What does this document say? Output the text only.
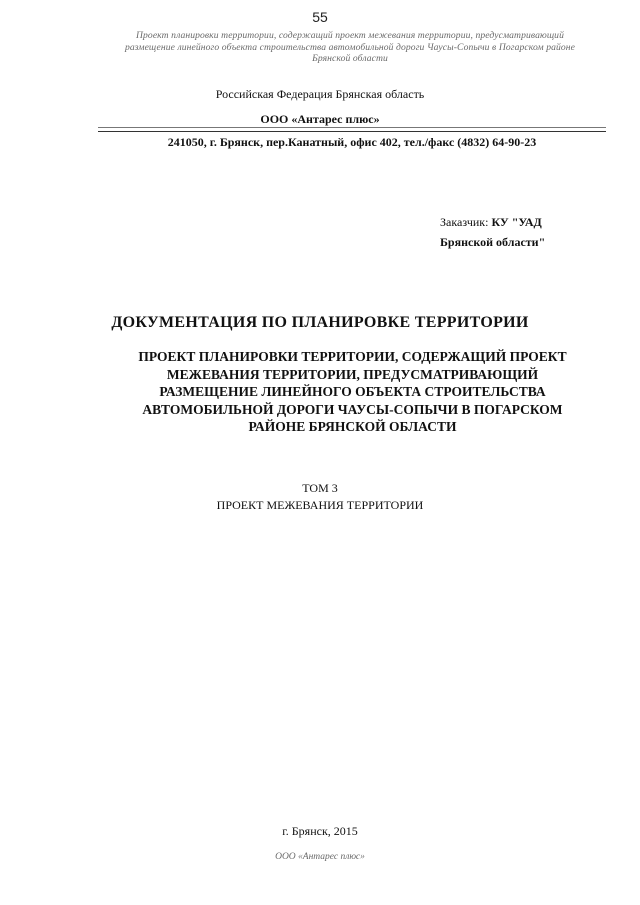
55
Проект планировки территории, содержащий проект межевания территории, предусматривающий
размещение линейного объекта строительства автомобильной дороги Чаусы-Сопычи в Погарском районе
Брянской области
Российская Федерация Брянская область
ООО «Антарес плюс»
241050, г. Брянск, пер.Канатный, офис 402, тел./факс (4832) 64-90-23
Заказчик: КУ "УАД
Брянской области"
ДОКУМЕНТАЦИЯ ПО ПЛАНИРОВКЕ ТЕРРИТОРИИ
ПРОЕКТ ПЛАНИРОВКИ ТЕРРИТОРИИ, СОДЕРЖАЩИЙ ПРОЕКТ
МЕЖЕВАНИЯ ТЕРРИТОРИИ, ПРЕДУСМАТРИВАЮЩИЙ
РАЗМЕЩЕНИЕ ЛИНЕЙНОГО ОБЪЕКТА СТРОИТЕЛЬСТВА
АВТОМОБИЛЬНОЙ ДОРОГИ ЧАУСЫ-СОПЫЧИ В ПОГАРСКОМ
РАЙОНЕ БРЯНСКОЙ ОБЛАСТИ
ТОМ 3
ПРОЕКТ МЕЖЕВАНИЯ ТЕРРИТОРИИ
г. Брянск, 2015
ООО «Антарес плюс»
